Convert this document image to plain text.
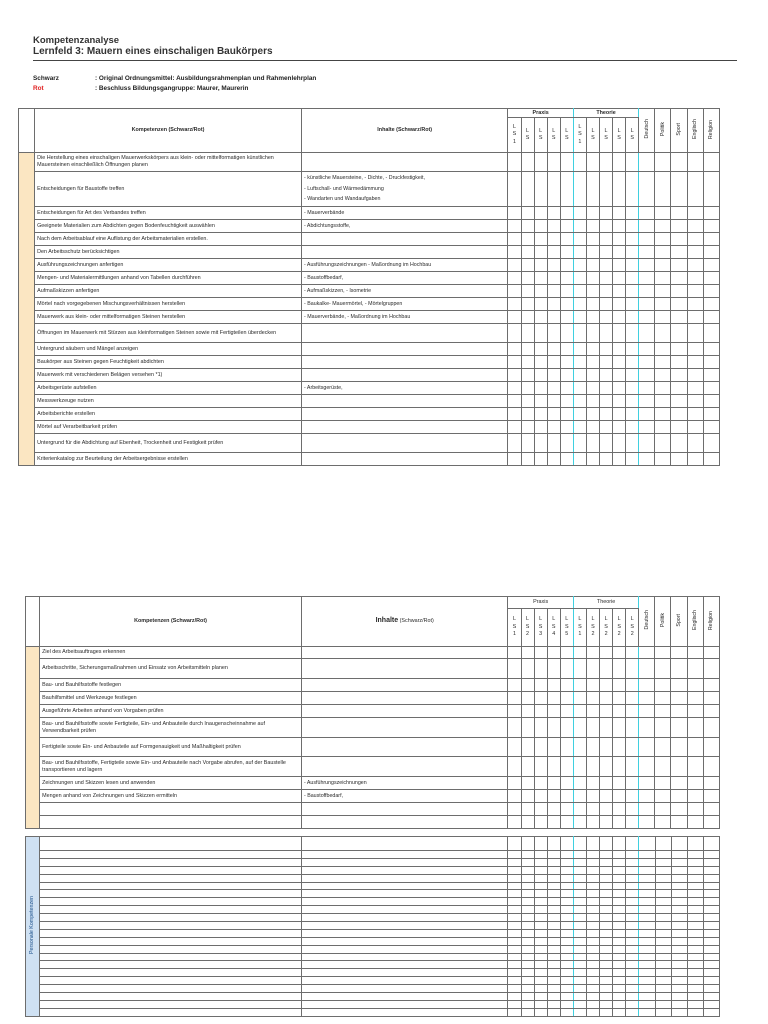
Kompetenzanalyse
Lernfeld 3: Mauern eines einschaligen Baukörpers
Schwarz	: Original Ordnungsmittel: Ausbildungsrahmenplan und Rahmenlehrplan
Rot	: Beschluss Bildungsgangruppe: Maurer, Maurerin
	Kompetenzen (Schwarz/Rot)	Inhalte (Schwarz/Rot)	Praxis					Theorie					Deutsch	Politik	Sport	Englisch	Religion
			LS1	LS	LS	LS	LS	LS1	LS	LS	LS	LS					
	Die Herstellung eines einschaligen Mauerwerkskörpers aus klein- oder mittelformatigen künstlichen Mauersteinen einschließlich Öffnungen planen																
	Entscheidungen für Baustoffe treffen	- künstliche Mauersteine, - Dichte, - Druckfestigkeit,
- Luftschall- und Wärmedämmung
- Wandarten und Wandaufgaben															

	Entscheidungen für Art des Verbandes treffen	- Mauerverbände															

	Geeignete Materialien zum Abdichten gegen Bodenfeuchtigkeit auswählen	- Abdichtungsstoffe,															

	Nach dem Arbeitsablauf eine Auflistung der Arbeitsmaterialien erstellen.																
	Den Arbeitsschutz berücksichtigen																
	Ausführungszeichnungen anfertigen	- Ausführungszeichnungen - Maßordnung im Hochbau															

	Mengen- und Materialermittlungen anhand von Tabellen durchführen	- Baustoffbedarf,															

	Aufmaßskizzen anfertigen	- Aufmaßskizzen, - Isometrie															

	Mörtel nach vorgegebenen Mischungsverhältnissen herstellen	- Baukalke- Mauermörtel, - Mörtelgruppen															

	Mauerwerk aus klein- oder mittelformatigen Steinen herstellen	- Mauerverbände, - Maßordnung im Hochbau															

	Öffnungen im Mauerwerk mit Stürzen aus kleinformatigen Steinen sowie mit Fertigteilen überdecken																
	Untergrund säubern und Mängel anzeigen																
	Baukörper aus Steinen gegen Feuchtigkeit abdichten																
	Mauerwerk mit verschiedenen Belägen versehen *1)																
	Arbeitsgerüste aufstellen	- Arbeitsgerüste,															

	Messwerkzeuge nutzen																
	Arbeitsberichte erstellen																
	Mörtel auf Verarbeitbarkeit prüfen																
	Untergrund für die Abdichtung auf Ebenheit, Trockenheit und Festigkeit prüfen																
	Kriterienkatalog zur Beurteilung der Arbeitsergebnisse erstellen																
	Kompetenzen (Schwarz/Rot)	Inhalte (Schwarz/Rot)	Praxis					Theorie					Deutsch	Politik	Sport	Englisch	Religion
			LS1	LS2	LS3	LS4	LS5	LS1	LS2	LS2	LS2	LS2					
	Ziel des Arbeitsauftrages erkennen																
	Arbeitsschritte, Sicherungsmaßnahmen und Einsatz von Arbeitsmitteln planen																
	Bau- und Bauhilfsstoffe festlegen																
	Bauhilfsmittel und Werkzeuge festlegen																
	Ausgeführte Arbeiten anhand von Vorgaben prüfen																
	Bau- und Bauhilfsstoffe sowie Fertigteile, Ein- und Anbauteile durch Inaugenscheinnahme auf Verwendbarkeit prüfen																
	Fertigteile sowie Ein- und Anbauteile auf Formgenauigkeit und Maßhaltigkeit prüfen																
	Bau- und Bauhilfsstoffe, Fertigteile sowie Ein- und Anbauteile nach Vorgabe abrufen, auf der Baustelle transportieren und lagern																
	Zeichnungen und Skizzen lesen und anwenden	- Ausführungszeichnungen															

	Mengen anhand von Zeichnungen und Skizzen ermitteln	- Baustoffbedarf,															

Personale Kompetenzen																	
